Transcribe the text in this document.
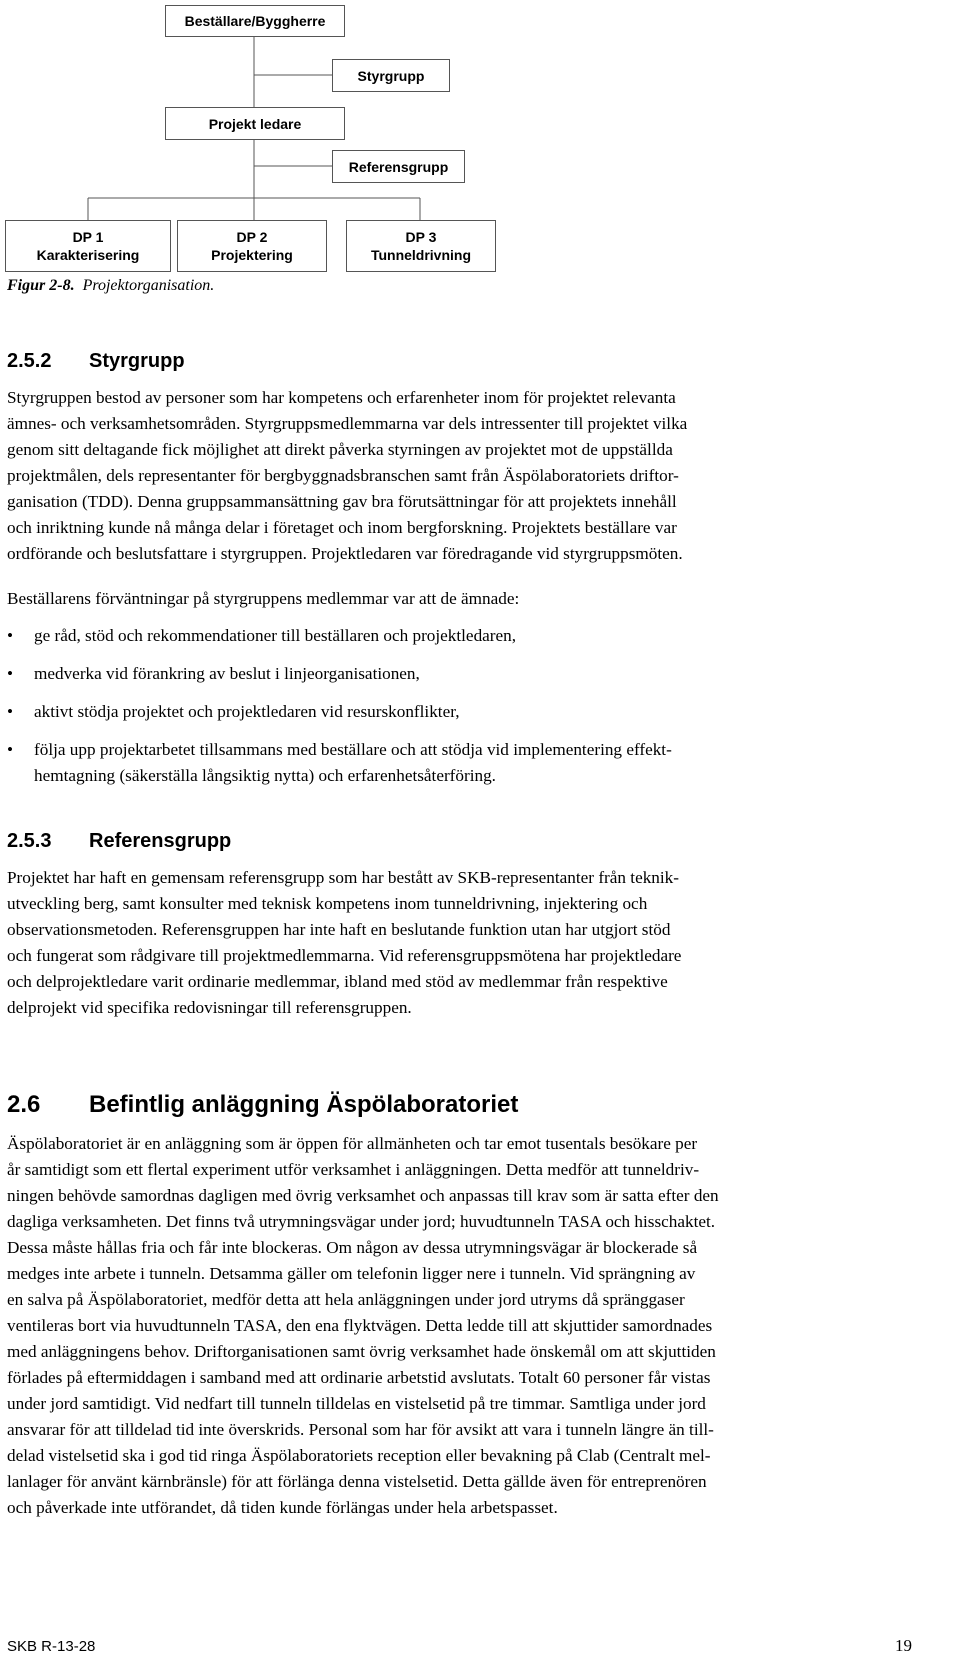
Beställare/Byggherre
Styrgrupp
Projekt ledare
Referensgrupp
DP 1
Karakterisering
DP 2
Projektering
DP 3
Tunneldrivning
Figur 2-8. Projektorganisation.
2.5.2 Styrgrupp

Styrgruppen bestod av personer som har kompetens och erfarenheter inom för projektet relevanta

ämnes- och verksamhetsområden. Styrgruppsmedlemmarna var dels intressenter till projektet vilka

genom sitt deltagande fick möjlighet att direkt påverka styrningen av projektet mot de uppställda

projektmålen, dels representanter för bergbyggnadsbranschen samt från Äspölaboratoriets driftor-

ganisation (TDD). Denna gruppsammansättning gav bra förutsättningar för att projektets innehåll

och inriktning kunde nå många delar i företaget och inom bergforskning. Projektets beställare var

ordförande och beslutsfattare i styrgruppen. Projektledaren var föredragande vid styrgruppsmöten.

Beställarens förväntningar på styrgruppens medlemmar var att de ämnade:

• ge råd, stöd och rekommendationer till beställaren och projektledaren,
• medverka vid förankring av beslut i linjeorganisationen,
• aktivt stödja projektet och projektledaren vid resurskonflikter,
• följa upp projektarbetet tillsammans med beställare och att stödja vid implementering effekt-
hemtagning (säkerställa långsiktig nytta) och erfarenhetsåterföring.
2.5.3 Referensgrupp

Projektet har haft en gemensam referensgrupp som har bestått av SKB-representanter från teknik-

utveckling berg, samt konsulter med teknisk kompetens inom tunneldrivning, injektering och

observationsmetoden. Referensgruppen har inte haft en beslutande funktion utan har utgjort stöd

och fungerat som rådgivare till projektmedlemmarna. Vid referensgruppsmötena har projektledare

och delprojektledare varit ordinarie medlemmar, ibland med stöd av medlemmar från respektive

delprojekt vid specifika redovisningar till referensgruppen.

2.6 Befintlig anläggning Äspölaboratoriet

Äspölaboratoriet är en anläggning som är öppen för allmänheten och tar emot tusentals besökare per

år samtidigt som ett flertal experiment utför verksamhet i anläggningen. Detta medför att tunneldriv-

ningen behövde samordnas dagligen med övrig verksamhet och anpassas till krav som är satta efter den

dagliga verksamheten. Det finns två utrymningsvägar under jord; huvudtunneln TASA och hisschaktet.

Dessa måste hållas fria och får inte blockeras. Om någon av dessa utrymningsvägar är blockerade så

medges inte arbete i tunneln. Detsamma gäller om telefonin ligger nere i tunneln. Vid sprängning av

en salva på Äspölaboratoriet, medför detta att hela anläggningen under jord utryms då spränggaser

ventileras bort via huvudtunneln TASA, den ena flyktvägen. Detta ledde till att skjuttider samordnades

med anläggningens behov. Driftorganisationen samt övrig verksamhet hade önskemål om att skjuttiden

förlades på eftermiddagen i samband med att ordinarie arbetstid avslutats. Totalt 60 personer får vistas

under jord samtidigt. Vid nedfart till tunneln tilldelas en vistelsetid på tre timmar. Samtliga under jord

ansvarar för att tilldelad tid inte överskrids. Personal som har för avsikt att vara i tunneln längre än till-

delad vistelsetid ska i god tid ringa Äspölaboratoriets reception eller bevakning på Clab (Centralt mel-

lanlager för använt kärnbränsle) för att förlänga denna vistelsetid. Detta gällde även för entreprenören

och påverkade inte utförandet, då tiden kunde förlängas under hela arbetspasset.

SKB R-13-28	19
